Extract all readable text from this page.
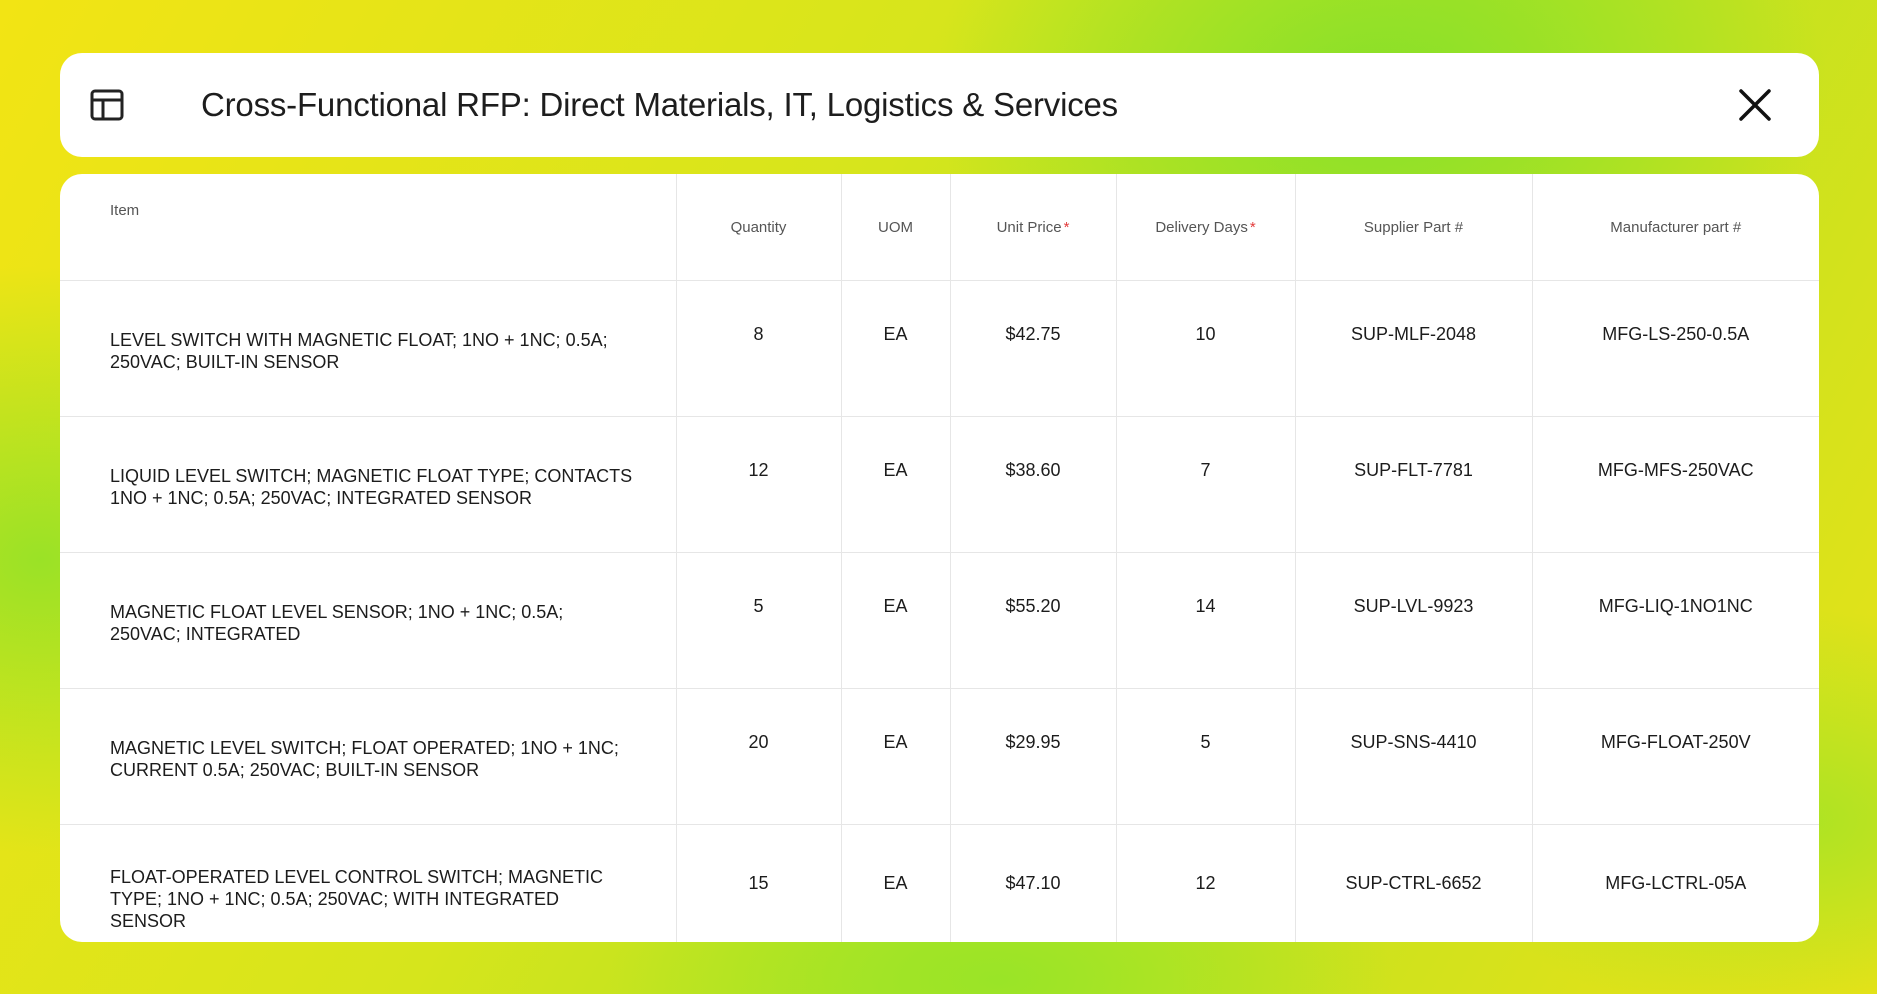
Cross-Functional RFP: Direct Materials, IT, Logistics & Services
Item	Quantity	UOM	Unit Price *	Delivery Days *	Supplier Part #	Manufacturer part #

LEVEL SWITCH WITH MAGNETIC FLOAT; 1NO + 1NC; 0.5A;
250VAC; BUILT-IN SENSOR	8	EA	$42.75	10	SUP-MLF-2048	MFG-LS-250-0.5A

LIQUID LEVEL SWITCH; MAGNETIC FLOAT TYPE; CONTACTS
1NO + 1NC; 0.5A; 250VAC; INTEGRATED SENSOR	12	EA	$38.60	7	SUP-FLT-7781	MFG-MFS-250VAC

MAGNETIC FLOAT LEVEL SENSOR; 1NO + 1NC; 0.5A;
250VAC; INTEGRATED	5	EA	$55.20	14	SUP-LVL-9923	MFG-LIQ-1NO1NC

MAGNETIC LEVEL SWITCH; FLOAT OPERATED; 1NO + 1NC;
CURRENT 0.5A; 250VAC; BUILT-IN SENSOR	20	EA	$29.95	5	SUP-SNS-4410	MFG-FLOAT-250V

FLOAT-OPERATED LEVEL CONTROL SWITCH; MAGNETIC
TYPE; 1NO + 1NC; 0.5A; 250VAC; WITH INTEGRATED SENSOR	15	EA	$47.10	12	SUP-CTRL-6652	MFG-LCTRL-05A
